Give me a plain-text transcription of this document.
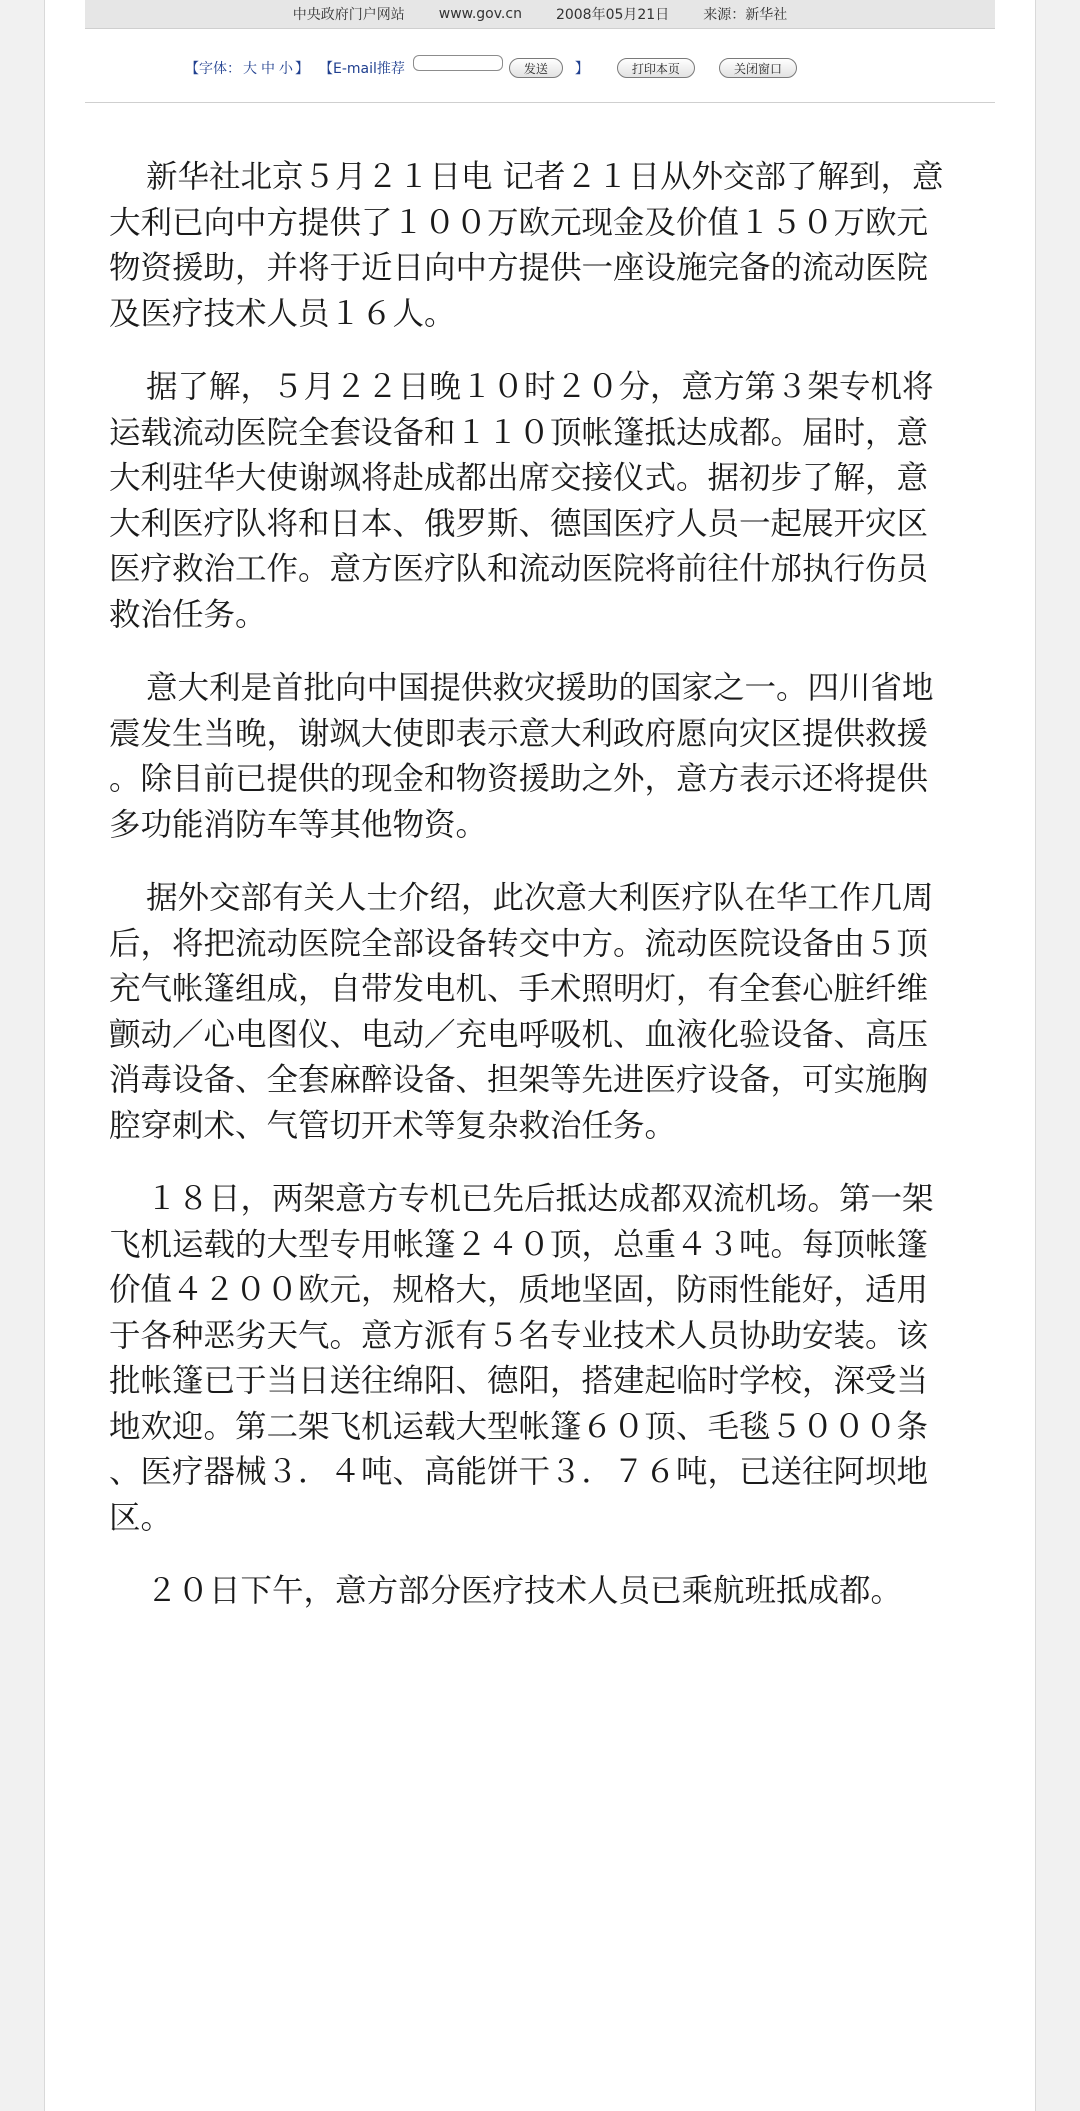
中央政府门户网站 www.gov.cn 2008年05月21日 来源：新华社
【 字体： 大 中 小 】 【 E-mail推荐	发送	】	打印本页	关闭窗口

新华社北京５月２１日电 记者２１日从外交部了解到，意大利已向中方提供了１００万欧元现金及价值１５０万欧元物资援助，并将于近日向中方提供一座设施完备的流动医院及医疗技术人员１６人。

据了解，５月２２日晚１０时２０分，意方第３架专机将运载流动医院全套设备和１１０顶帐篷抵达成都。届时，意大利驻华大使谢飒将赴成都出席交接仪式。据初步了解，意大利医疗队将和日本、俄罗斯、德国医疗人员一起展开灾区医疗救治工作。意方医疗队和流动医院将前往什邡执行伤员救治任务。

意大利是首批向中国提供救灾援助的国家之一。四川省地震发生当晚，谢飒大使即表示意大利政府愿向灾区提供救援。除目前已提供的现金和物资援助之外，意方表示还将提供多功能消防车等其他物资。

据外交部有关人士介绍，此次意大利医疗队在华工作几周后，将把流动医院全部设备转交中方。流动医院设备由５顶充气帐篷组成，自带发电机、手术照明灯，有全套心脏纤维颤动／心电图仪、电动／充电呼吸机、血液化验设备、高压消毒设备、全套麻醉设备、担架等先进医疗设备，可实施胸腔穿刺术、气管切开术等复杂救治任务。

１８日，两架意方专机已先后抵达成都双流机场。第一架飞机运载的大型专用帐篷２４０顶，总重４３吨。每顶帐篷价值４２００欧元，规格大，质地坚固，防雨性能好，适用于各种恶劣天气。意方派有５名专业技术人员协助安装。该批帐篷已于当日送往绵阳、德阳，搭建起临时学校，深受当地欢迎。第二架飞机运载大型帐篷６０顶、毛毯５０００条、医疗器械３．４吨、高能饼干３．７６吨，已送往阿坝地区。

２０日下午，意方部分医疗技术人员已乘航班抵成都。
